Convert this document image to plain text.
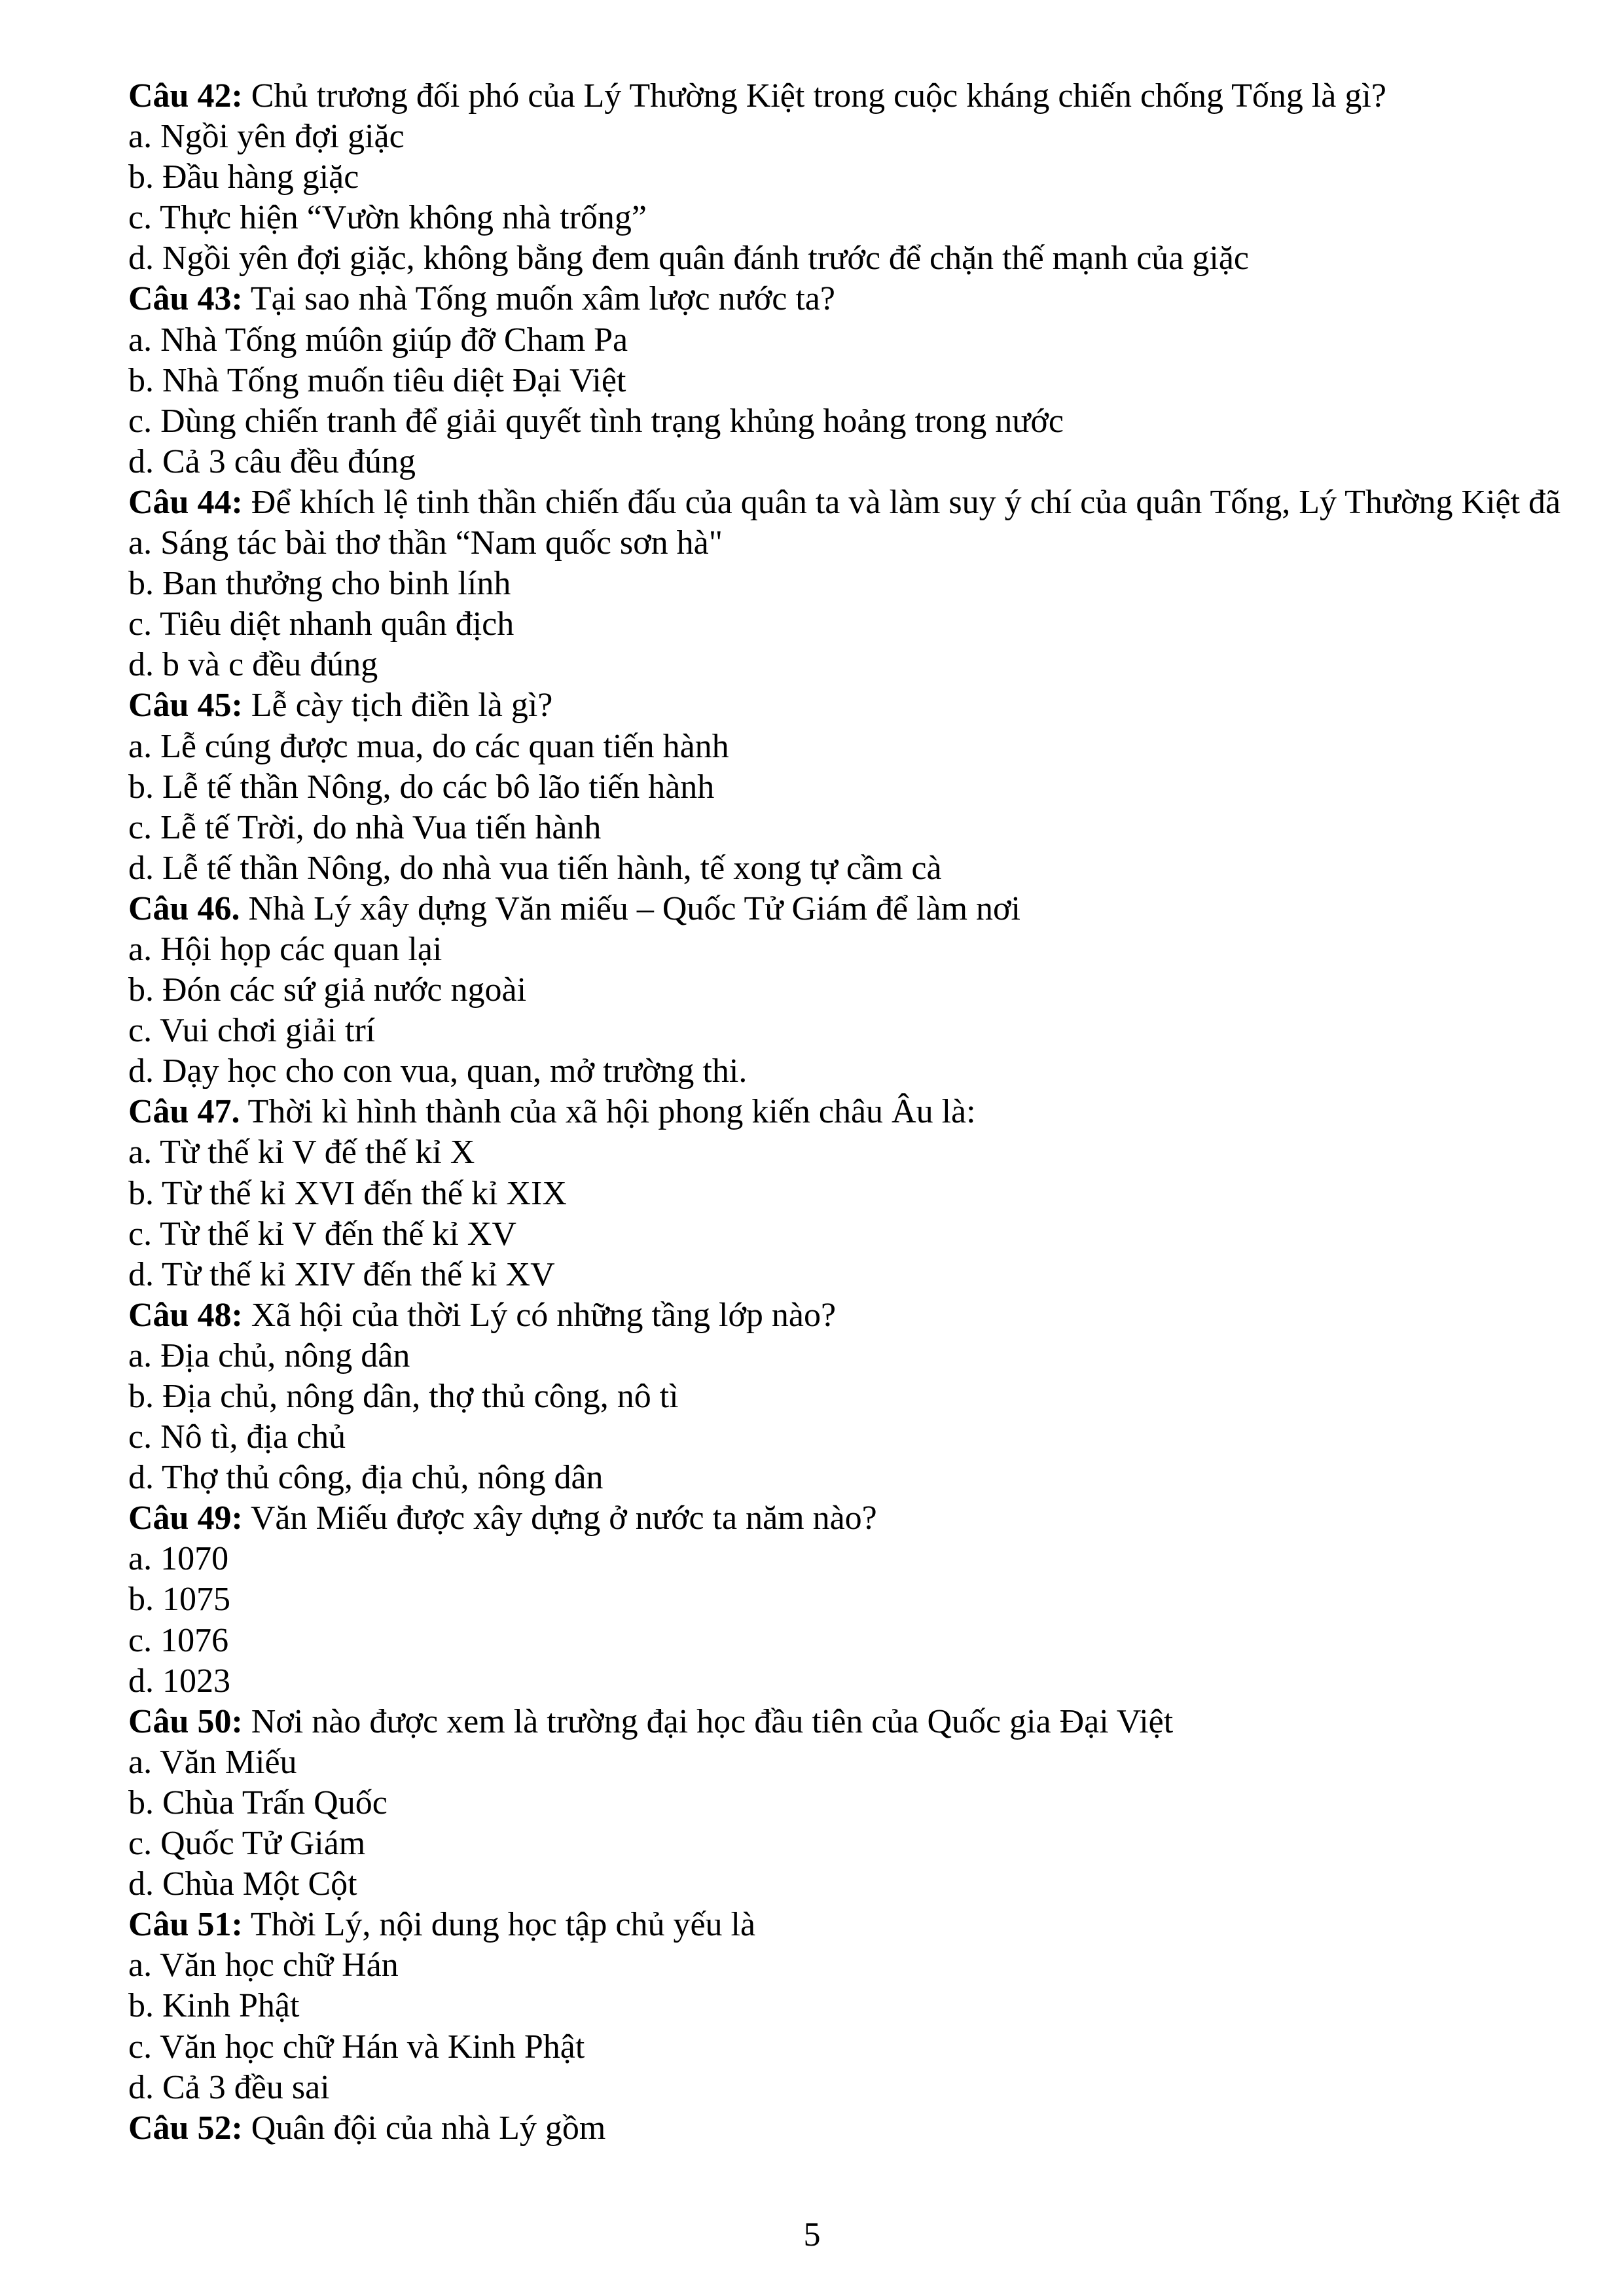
Câu 42: Chủ trương đối phó của Lý Thường Kiệt trong cuộc kháng chiến chống Tống là gì?
a. Ngồi yên đợi giặc
b. Đầu hàng giặc
c. Thực hiện “Vườn không nhà trống”
d. Ngồi yên đợi giặc, không bằng đem quân đánh trước để chặn thế mạnh của giặc
Câu 43: Tại sao nhà Tống muốn xâm lược nước ta?
a. Nhà Tống múôn giúp đỡ Cham Pa
b. Nhà Tống muốn tiêu diệt Đại Việt
c. Dùng chiến tranh để giải quyết tình trạng khủng hoảng trong nước
d. Cả 3 câu đều đúng
Câu 44: Để khích lệ tinh thần chiến đấu của quân ta và làm suy ý chí của quân Tống, Lý Thường Kiệt đã
a. Sáng tác bài thơ thần “Nam quốc sơn hà"
b. Ban thưởng cho binh lính
c. Tiêu diệt nhanh quân địch
d. b và c đều đúng
Câu 45: Lễ cày tịch điền là gì?
a. Lễ cúng được mua, do các quan tiến hành
b. Lễ tế thần Nông, do các bô lão tiến hành
c. Lễ tế Trời, do nhà Vua tiến hành
d. Lễ tế thần Nông, do nhà vua tiến hành, tế xong tự cầm cà
Câu 46. Nhà Lý xây dựng Văn miếu – Quốc Tử Giám để làm nơi
a. Hội họp các quan lại
b. Đón các sứ giả nước ngoài
c. Vui chơi giải trí
d. Dạy học cho con vua, quan, mở trường thi.
Câu 47. Thời kì hình thành của xã hội phong kiến châu Âu là:
a. Từ thế kỉ V đế thế kỉ X
b. Từ thế kỉ XVI đến thế kỉ XIX
c. Từ thế kỉ V đến thế kỉ XV
d. Từ thế kỉ XIV đến thế kỉ XV
Câu 48: Xã hội của thời Lý có những tầng lớp nào?
a. Địa chủ, nông dân
b. Địa chủ, nông dân, thợ thủ công, nô tì
c. Nô tì, địa chủ
d. Thợ thủ công, địa chủ, nông dân
Câu 49: Văn Miếu được xây dựng ở nước ta năm nào?
a. 1070
b. 1075
c. 1076
d. 1023
Câu 50: Nơi nào được xem là trường đại học đầu tiên của Quốc gia Đại Việt
a. Văn Miếu
b. Chùa Trấn Quốc
c. Quốc Tử Giám
d. Chùa Một Cột
Câu 51: Thời Lý, nội dung học tập chủ yếu là
a. Văn học chữ Hán
b. Kinh Phật
c. Văn học chữ Hán và Kinh Phật
d. Cả 3 đều sai
Câu 52: Quân đội của nhà Lý gồm
5
